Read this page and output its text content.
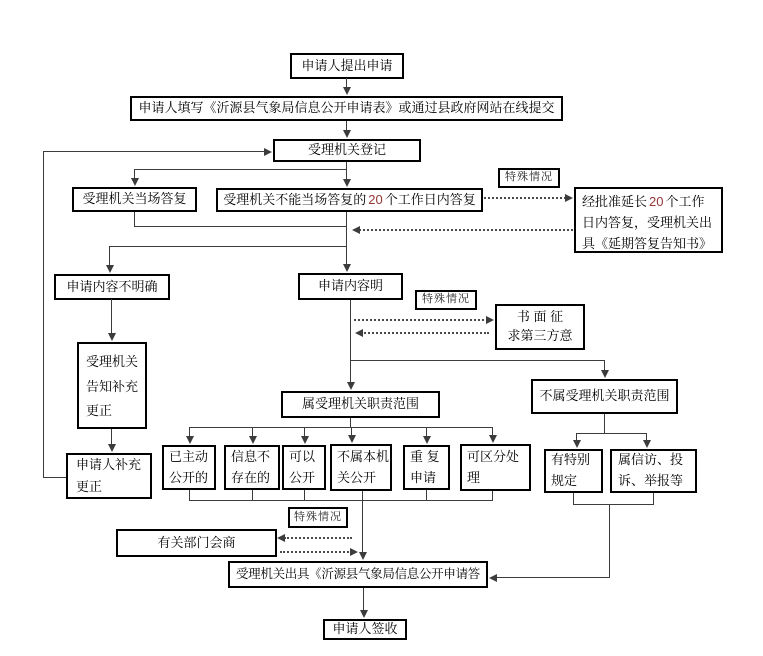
申请人提出申请
申请人填写《沂源县气象局信息公开申请表》或通过县政府网站在线提交
受理机关登记
受理机关当场答复	受理机关不能当场答复的 20 个工作日内答复
特殊情况
经批准延长 20 个工作日内答复，受理机关出具《延期答复告知书》
申请内容不明确	申请内容明
特殊情况
书 面 征
求第三方意
受理机关告知补充更正
申请人补充
更正
属受理机关职责范围
不属受理机关职责范围
已主动
公开的
信息不
存在的
可以
公开
不属本机
关公开
重 复
申请
可区分处
理
有特别
规定
属信访、投
诉、举报等
特殊情况
有关部门会商
受理机关出具《沂源县气象局信息公开申请答
申请人签收
